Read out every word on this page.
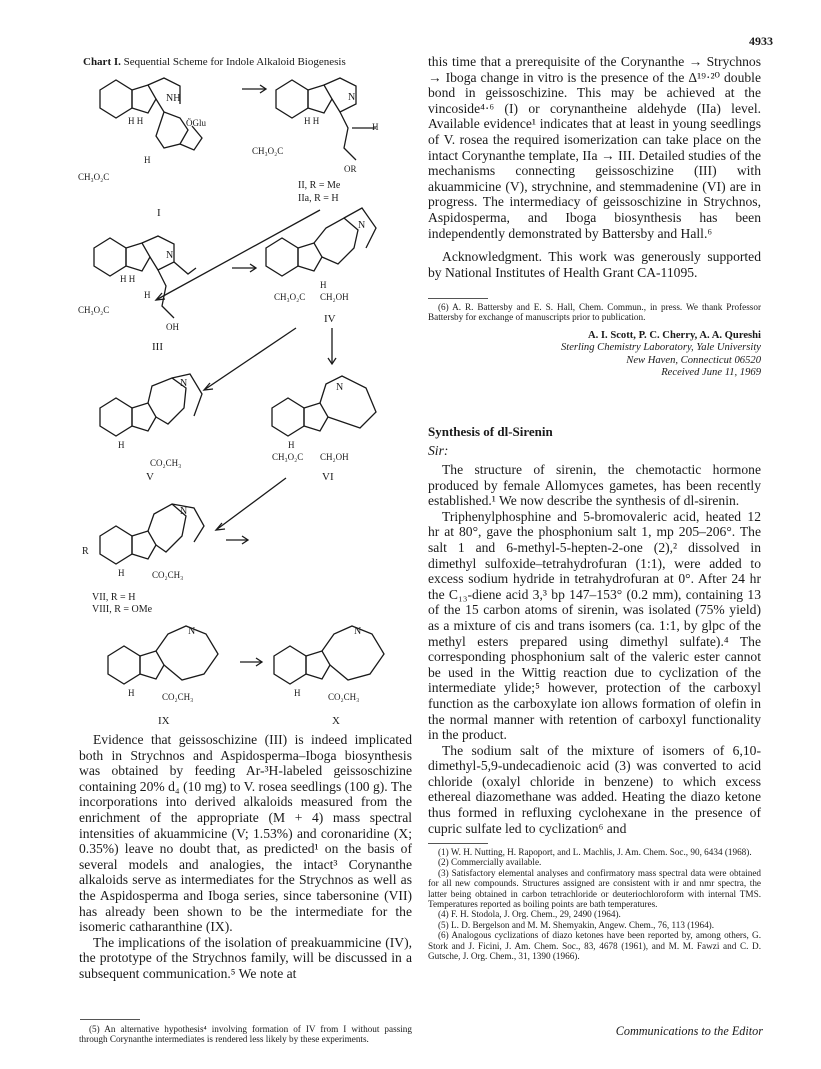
4933
Chart I. Sequential Scheme for Indole Alkaloid Biogenesis
NH
H H	ÖGlu
H
CH₃O₂C
I
N
H H
H
CH₃O₂C
OR
II, R = Me
IIa, R = H
N
H H
H
CH₃O₂C
OH
III
N
H
CH₃O₂C CH₂OH
IV
N
H
CO₂CH₃
V
N
H
CH₃O₂C CH₂OH
VI
N
R
H	CO₂CH₃
VII, R = H
VIII, R = OMe
N
H	CO₂CH₃
IX
N
H	CO₂CH₃
X

Evidence that geissoschizine (III) is indeed implicated both in Strychnos and Aspidosperma–Iboga biosynthesis was obtained by feeding Ar-³H-labeled geissoschizine containing 20% d₄ (10 mg) to V. rosea seedlings (100 g). The incorporations into derived alkaloids measured from the enrichment of the appropriate (M + 4) mass spectral intensities of akuammicine (V; 1.53%) and coronaridine (X; 0.35%) leave no doubt that, as predicted¹ on the basis of several models and analogies, the intact³ Corynanthe alkaloids serve as intermediates for the Strychnos as well as the Aspidosperma and Iboga series, since tabersonine (VII) has already been shown to be the intermediate for the isomeric catharanthine (IX).

The implications of the isolation of preakuammicine (IV), the prototype of the Strychnos family, will be discussed in a subsequent communication.⁵ We note at

(5) An alternative hypothesis⁴ involving formation of IV from I without passing through Corynanthe intermediates is rendered less likely by these experiments.

this time that a prerequisite of the Corynanthe → Strychnos → Iboga change in vitro is the presence of the Δ¹⁹·²⁰ double bond in geissoschizine. This may be achieved at the vincoside⁴·⁶ (I) or corynantheine aldehyde (IIa) level. Available evidence¹ indicates that at least in young seedlings of V. rosea the required isomerization can take place on the intact Corynanthe template, IIa → III. Detailed studies of the mechanisms connecting geissoschizine (III) with akuammicine (V), strychnine, and stemmadenine (VI) are in progress. The intermediacy of geissoschizine in Strychnos, Aspidosperma, and Iboga biosynthesis has been independently demonstrated by Battersby and Hall.⁶

Acknowledgment. This work was generously supported by National Institutes of Health Grant CA-11095.

(6) A. R. Battersby and E. S. Hall, Chem. Commun., in press. We thank Professor Battersby for exchange of manuscripts prior to publication.

A. I. Scott, P. C. Cherry, A. A. Qureshi
Sterling Chemistry Laboratory, Yale University
New Haven, Connecticut 06520
Received June 11, 1969
Synthesis of dl-Sirenin
Sir:

The structure of sirenin, the chemotactic hormone produced by female Allomyces gametes, has been recently established.¹ We now describe the synthesis of dl-sirenin.

Triphenylphosphine and 5-bromovaleric acid, heated 12 hr at 80°, gave the phosphonium salt 1, mp 205–206°. The salt 1 and 6-methyl-5-hepten-2-one (2),² dissolved in dimethyl sulfoxide–tetrahydrofuran (1:1), were added to excess sodium hydride in tetrahydrofuran at 0°. After 24 hr the C₁₃-diene acid 3,³ bp 147–153° (0.2 mm), containing 13 of the 15 carbon atoms of sirenin, was isolated (75% yield) as a mixture of cis and trans isomers (ca. 1:1, by glpc of the methyl esters prepared using dimethyl sulfate).⁴ The corresponding phosphonium salt of the valeric ester cannot be used in the Wittig reaction due to cyclization of the intermediate ylide;⁵ however, protection of the carboxyl function as the carboxylate ion allows formation of olefin in the normal manner with retention of carboxyl functionality in the product.

The sodium salt of the mixture of isomers of 6,10-dimethyl-5,9-undecadienoic acid (3) was converted to acid chloride (oxalyl chloride in benzene) to which excess ethereal diazomethane was added. Heating the diazo ketone thus formed in refluxing cyclohexane in the presence of cupric sulfate led to cyclization⁶ and

(1) W. H. Nutting, H. Rapoport, and L. Machlis, J. Am. Chem. Soc., 90, 6434 (1968).

(2) Commercially available.

(3) Satisfactory elemental analyses and confirmatory mass spectral data were obtained for all new compounds. Structures assigned are consistent with ir and nmr spectra, the latter being obtained in carbon tetrachloride or deuteriochloroform with internal TMS. Temperatures reported as boiling points are bath temperatures.

(4) F. H. Stodola, J. Org. Chem., 29, 2490 (1964).

(5) L. D. Bergelson and M. M. Shemyakin, Angew. Chem., 76, 113 (1964).

(6) Analogous cyclizations of diazo ketones have been reported by, among others, G. Stork and J. Ficini, J. Am. Chem. Soc., 83, 4678 (1961), and M. M. Fawzi and C. D. Gutsche, J. Org. Chem., 31, 1390 (1966).

Communications to the Editor
